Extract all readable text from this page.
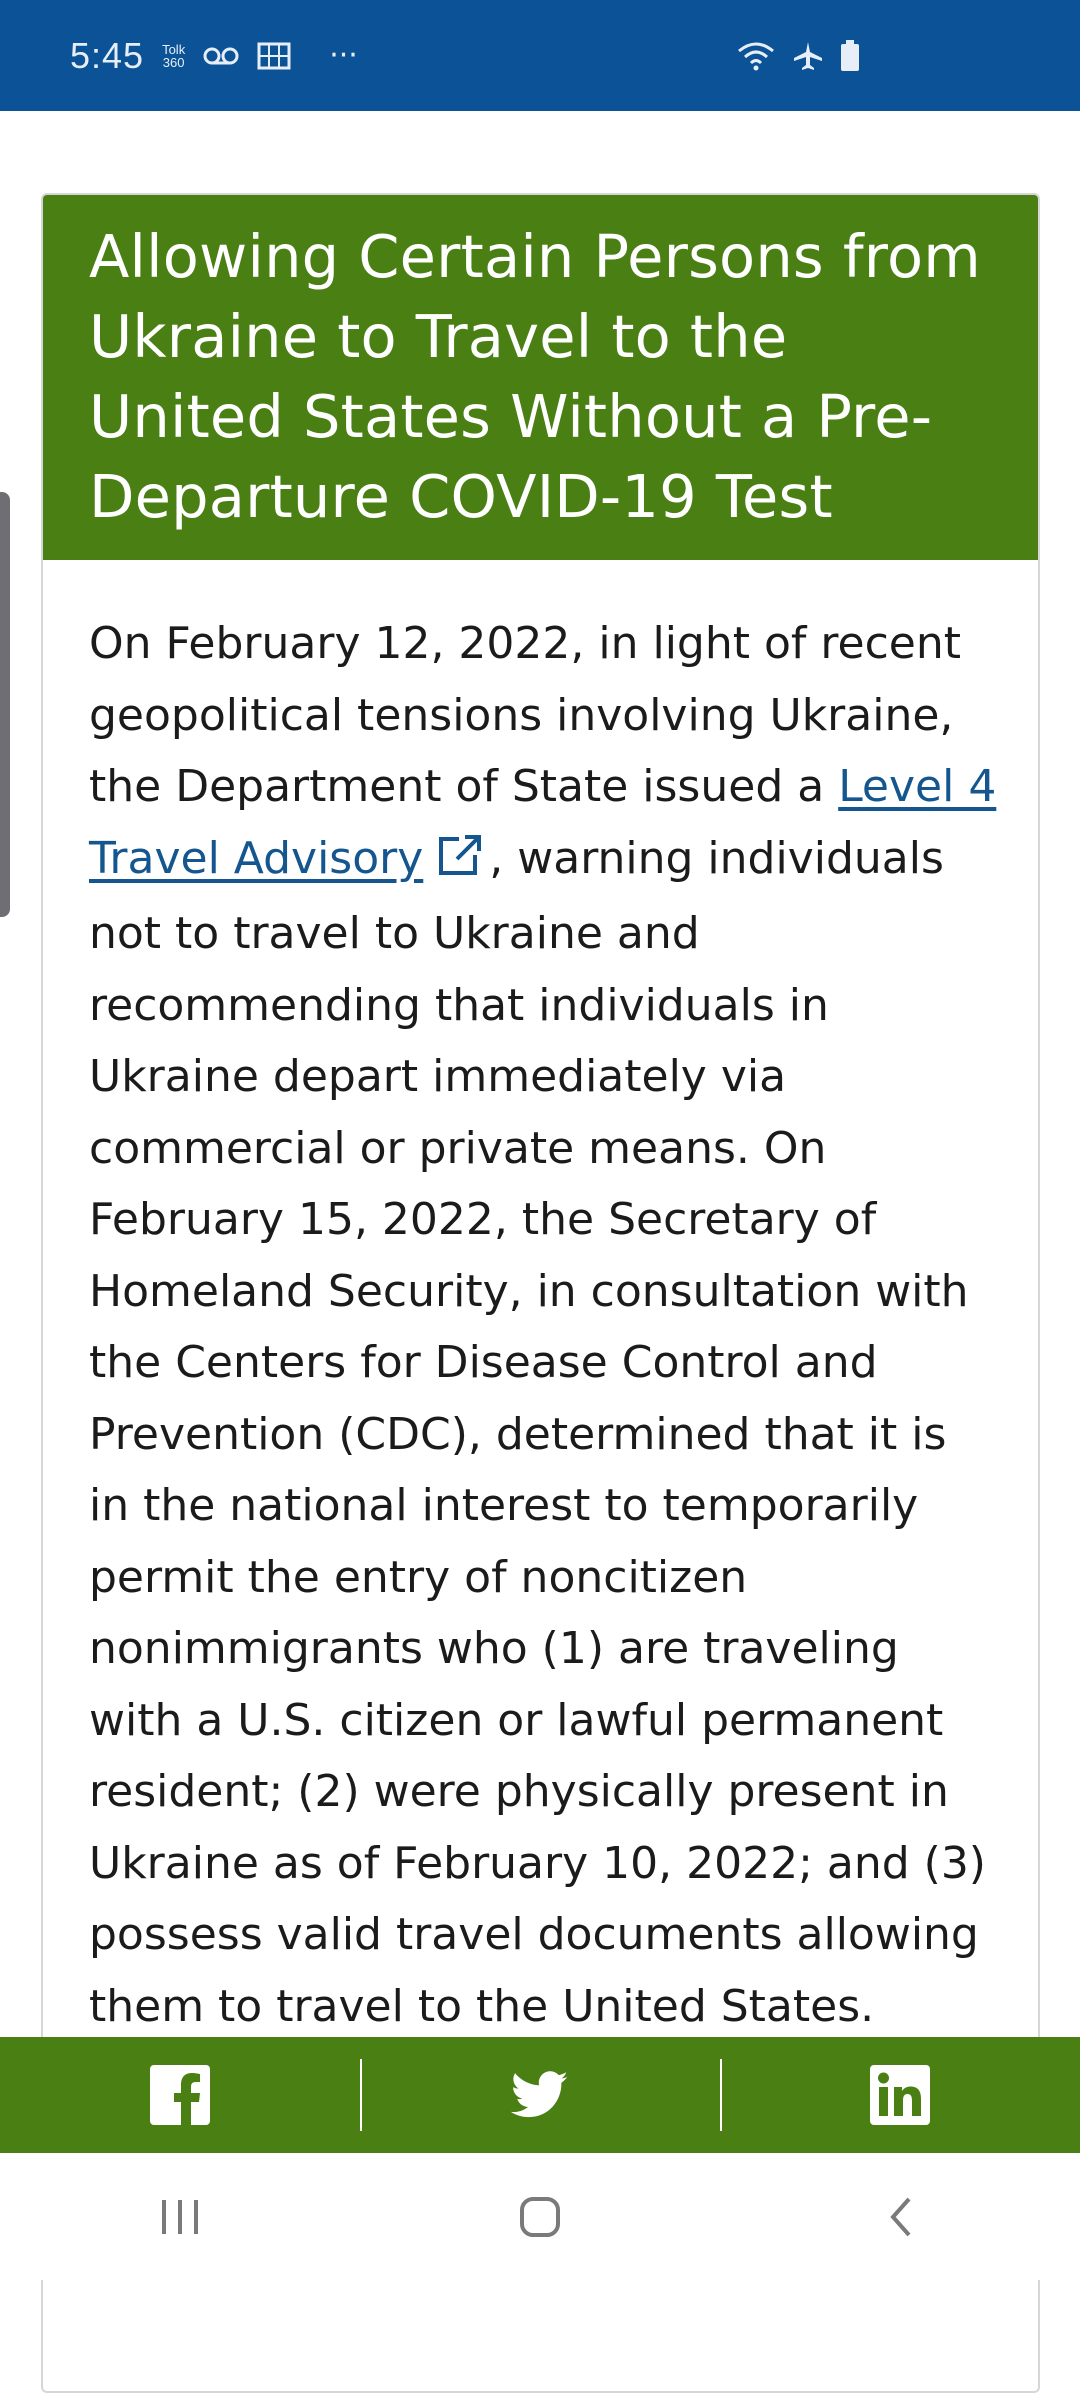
5:45 Tolk
360	···
Allowing Certain Persons from Ukraine to Travel to the United States Without a Pre-Departure COVID-19 Test

On February 12, 2022, in light of recent geopolitical tensions involving Ukraine, the Department of State issued a Level 4 Travel Advisory , warning individuals not to travel to Ukraine and recommending that individuals in Ukraine depart immediately via commercial or private means. On February 15, 2022, the Secretary of Homeland Security, in consultation with the Centers for Disease Control and Prevention (CDC), determined that it is in the national interest to temporarily permit the entry of noncitizen nonimmigrants who (1) are traveling with a U.S. citizen or lawful permanent resident; (2) were physically present in Ukraine as of February 10, 2022; and (3) possess valid travel documents allowing them to travel to the United States.
